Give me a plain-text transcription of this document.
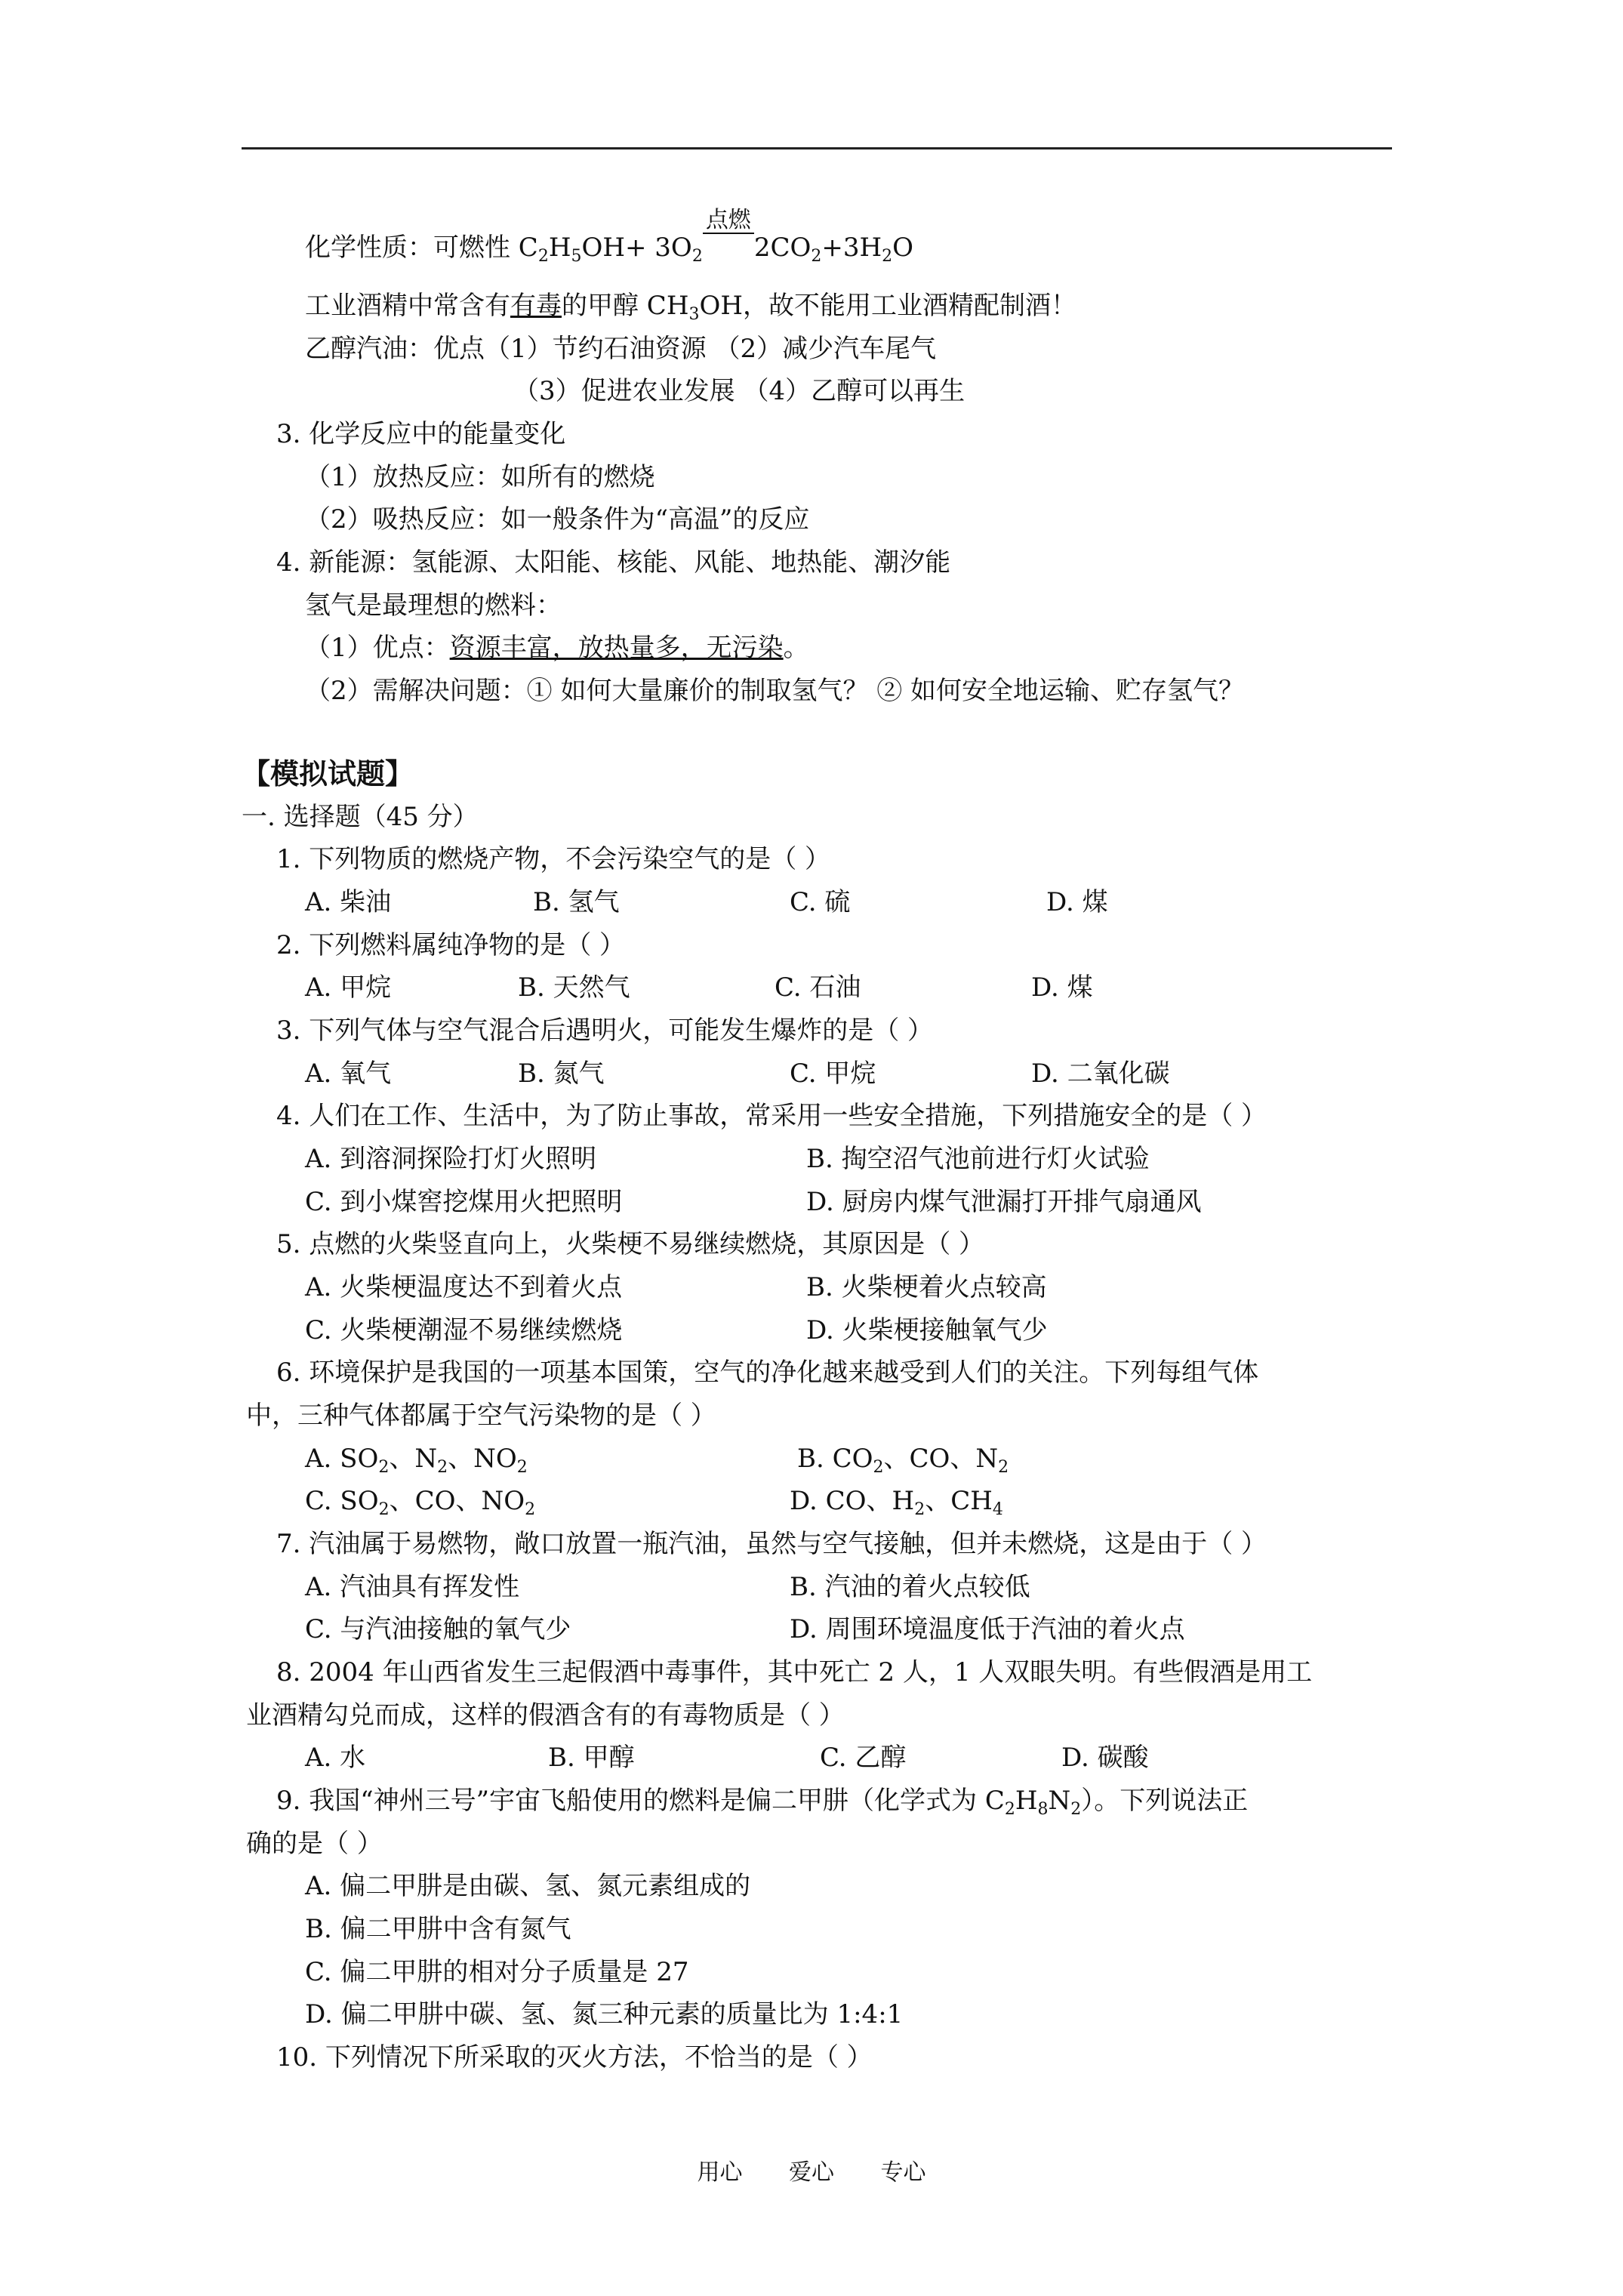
化学性质：可燃性 $C_2H_5OH+ 3O_2$
点燃
$2CO_2+3H_2O$
工业酒精中常含有有毒的甲醇 $CH_3OH$，故不能用工业酒精配制酒！
乙醇汽油：优点（1）节约石油资源 （2）减少汽车尾气
（3）促进农业发展 （4）乙醇可以再生
3. 化学反应中的能量变化
（1）放热反应：如所有的燃烧
（2）吸热反应：如一般条件为“高温”的反应
4. 新能源：氢能源、太阳能、核能、风能、地热能、潮汐能
氢气是最理想的燃料：
（1）优点：资源丰富，放热量多，无污染。
（2）需解决问题：① 如何大量廉价的制取氢气？ ② 如何安全地运输、贮存氢气？
【模拟试题】
一. 选择题（45 分）
1. 下列物质的燃烧产物，不会污染空气的是（ ）
A. 柴油	B. 氢气	C. 硫	D. 煤
2. 下列燃料属纯净物的是（ ）
A. 甲烷	B. 天然气	C. 石油	D. 煤
3. 下列气体与空气混合后遇明火，可能发生爆炸的是（ ）
A. 氧气	B. 氮气	C. 甲烷	D. 二氧化碳
4. 人们在工作、生活中，为了防止事故，常采用一些安全措施，下列措施安全的是（ ）
A. 到溶洞探险打灯火照明	B. 掏空沼气池前进行灯火试验
C. 到小煤窖挖煤用火把照明	D. 厨房内煤气泄漏打开排气扇通风
5. 点燃的火柴竖直向上，火柴梗不易继续燃烧，其原因是（ ）
A. 火柴梗温度达不到着火点	B. 火柴梗着火点较高
C. 火柴梗潮湿不易继续燃烧	D. 火柴梗接触氧气少
6. 环境保护是我国的一项基本国策，空气的净化越来越受到人们的关注。下列每组气体
中，三种气体都属于空气污染物的是（ ）
A. $SO_2$、$N_2$、$NO_2$	B. $CO_2$、CO、$N_2$
C. $SO_2$、CO、$NO_2$	D. CO、$H_2$、$CH_4$
7. 汽油属于易燃物，敞口放置一瓶汽油，虽然与空气接触，但并未燃烧，这是由于（ ）
A. 汽油具有挥发性	B. 汽油的着火点较低
C. 与汽油接触的氧气少	D. 周围环境温度低于汽油的着火点
8. 2004 年山西省发生三起假酒中毒事件，其中死亡 2 人，1 人双眼失明。有些假酒是用工
业酒精勾兑而成，这样的假酒含有的有毒物质是（ ）
A. 水	B. 甲醇	C. 乙醇	D. 碳酸
9. 我国“神州三号”宇宙飞船使用的燃料是偏二甲肼（化学式为 $C_2H_8N_2$）。下列说法正
确的是（ ）
A. 偏二甲肼是由碳、氢、氮元素组成的
B. 偏二甲肼中含有氮气
C. 偏二甲肼的相对分子质量是 27
D. 偏二甲肼中碳、氢、氮三种元素的质量比为 1:4:1
10. 下列情况下所采取的灭火方法，不恰当的是（ ）
用心 爱心 专心
